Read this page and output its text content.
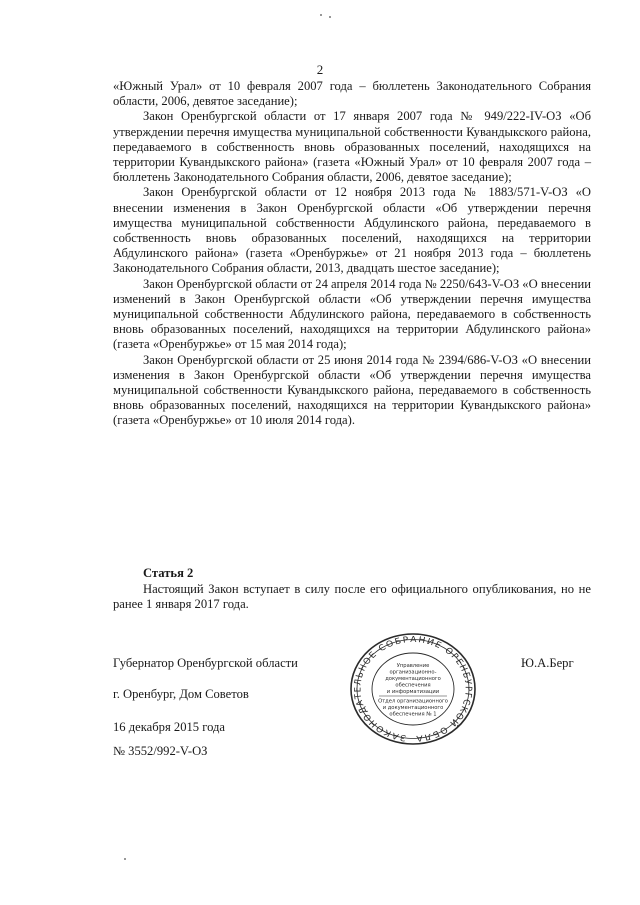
2

«Южный Урал» от 10 февраля 2007 года – бюллетень Законодательного Собрания области, 2006, девятое заседание);

Закон Оренбургской области от 17 января 2007 года № 949/222-IV-ОЗ «Об утверждении перечня имущества муниципальной собственности Кувандыкского района, передаваемого в собственность вновь образованных поселений, находящихся на территории Кувандыкского района» (газета «Южный Урал» от 10 февраля 2007 года – бюллетень Законодательного Собрания области, 2006, девятое заседание);

Закон Оренбургской области от 12 ноября 2013 года № 1883/571-V-ОЗ «О внесении изменения в Закон Оренбургской области «Об утверждении перечня имущества муниципальной собственности Абдулинского района, передаваемого в собственность вновь образованных поселений, находящихся на территории Абдулинского района» (газета «Оренбуржье» от 21 ноября 2013 года – бюллетень Законодательного Собрания области, 2013, двадцать шестое заседание);

Закон Оренбургской области от 24 апреля 2014 года № 2250/643-V-ОЗ «О внесении изменений в Закон Оренбургской области «Об утверждении перечня имущества муниципальной собственности Абдулинского района, передаваемого в собственность вновь образованных поселений, находящихся на территории Абдулинского района» (газета «Оренбуржье» от 15 мая 2014 года);

Закон Оренбургской области от 25 июня 2014 года № 2394/686-V-ОЗ «О внесении изменения в Закон Оренбургской области «Об утверждении перечня имущества муниципальной собственности Кувандыкского района, передаваемого в собственность вновь образованных поселений, находящихся на территории Кувандыкского района» (газета «Оренбуржье» от 10 июля 2014 года).

Статья 2

Настоящий Закон вступает в силу после его официального опубликования, но не ранее 1 января 2017 года.

Губернатор Оренбургской области	Ю.А.Берг
г. Оренбург, Дом Советов
16 декабря 2015 года
№ 3552/992-V-ОЗ
ЗАКОНОДАТЕЛЬНОЕ СОБРАНИЕ ОРЕНБУРГСКОЙ ОБЛА
Управление
организационно-
документационного
обеспечения
и информатизации
Отдел организационного
и документационного
обеспечения № 1
